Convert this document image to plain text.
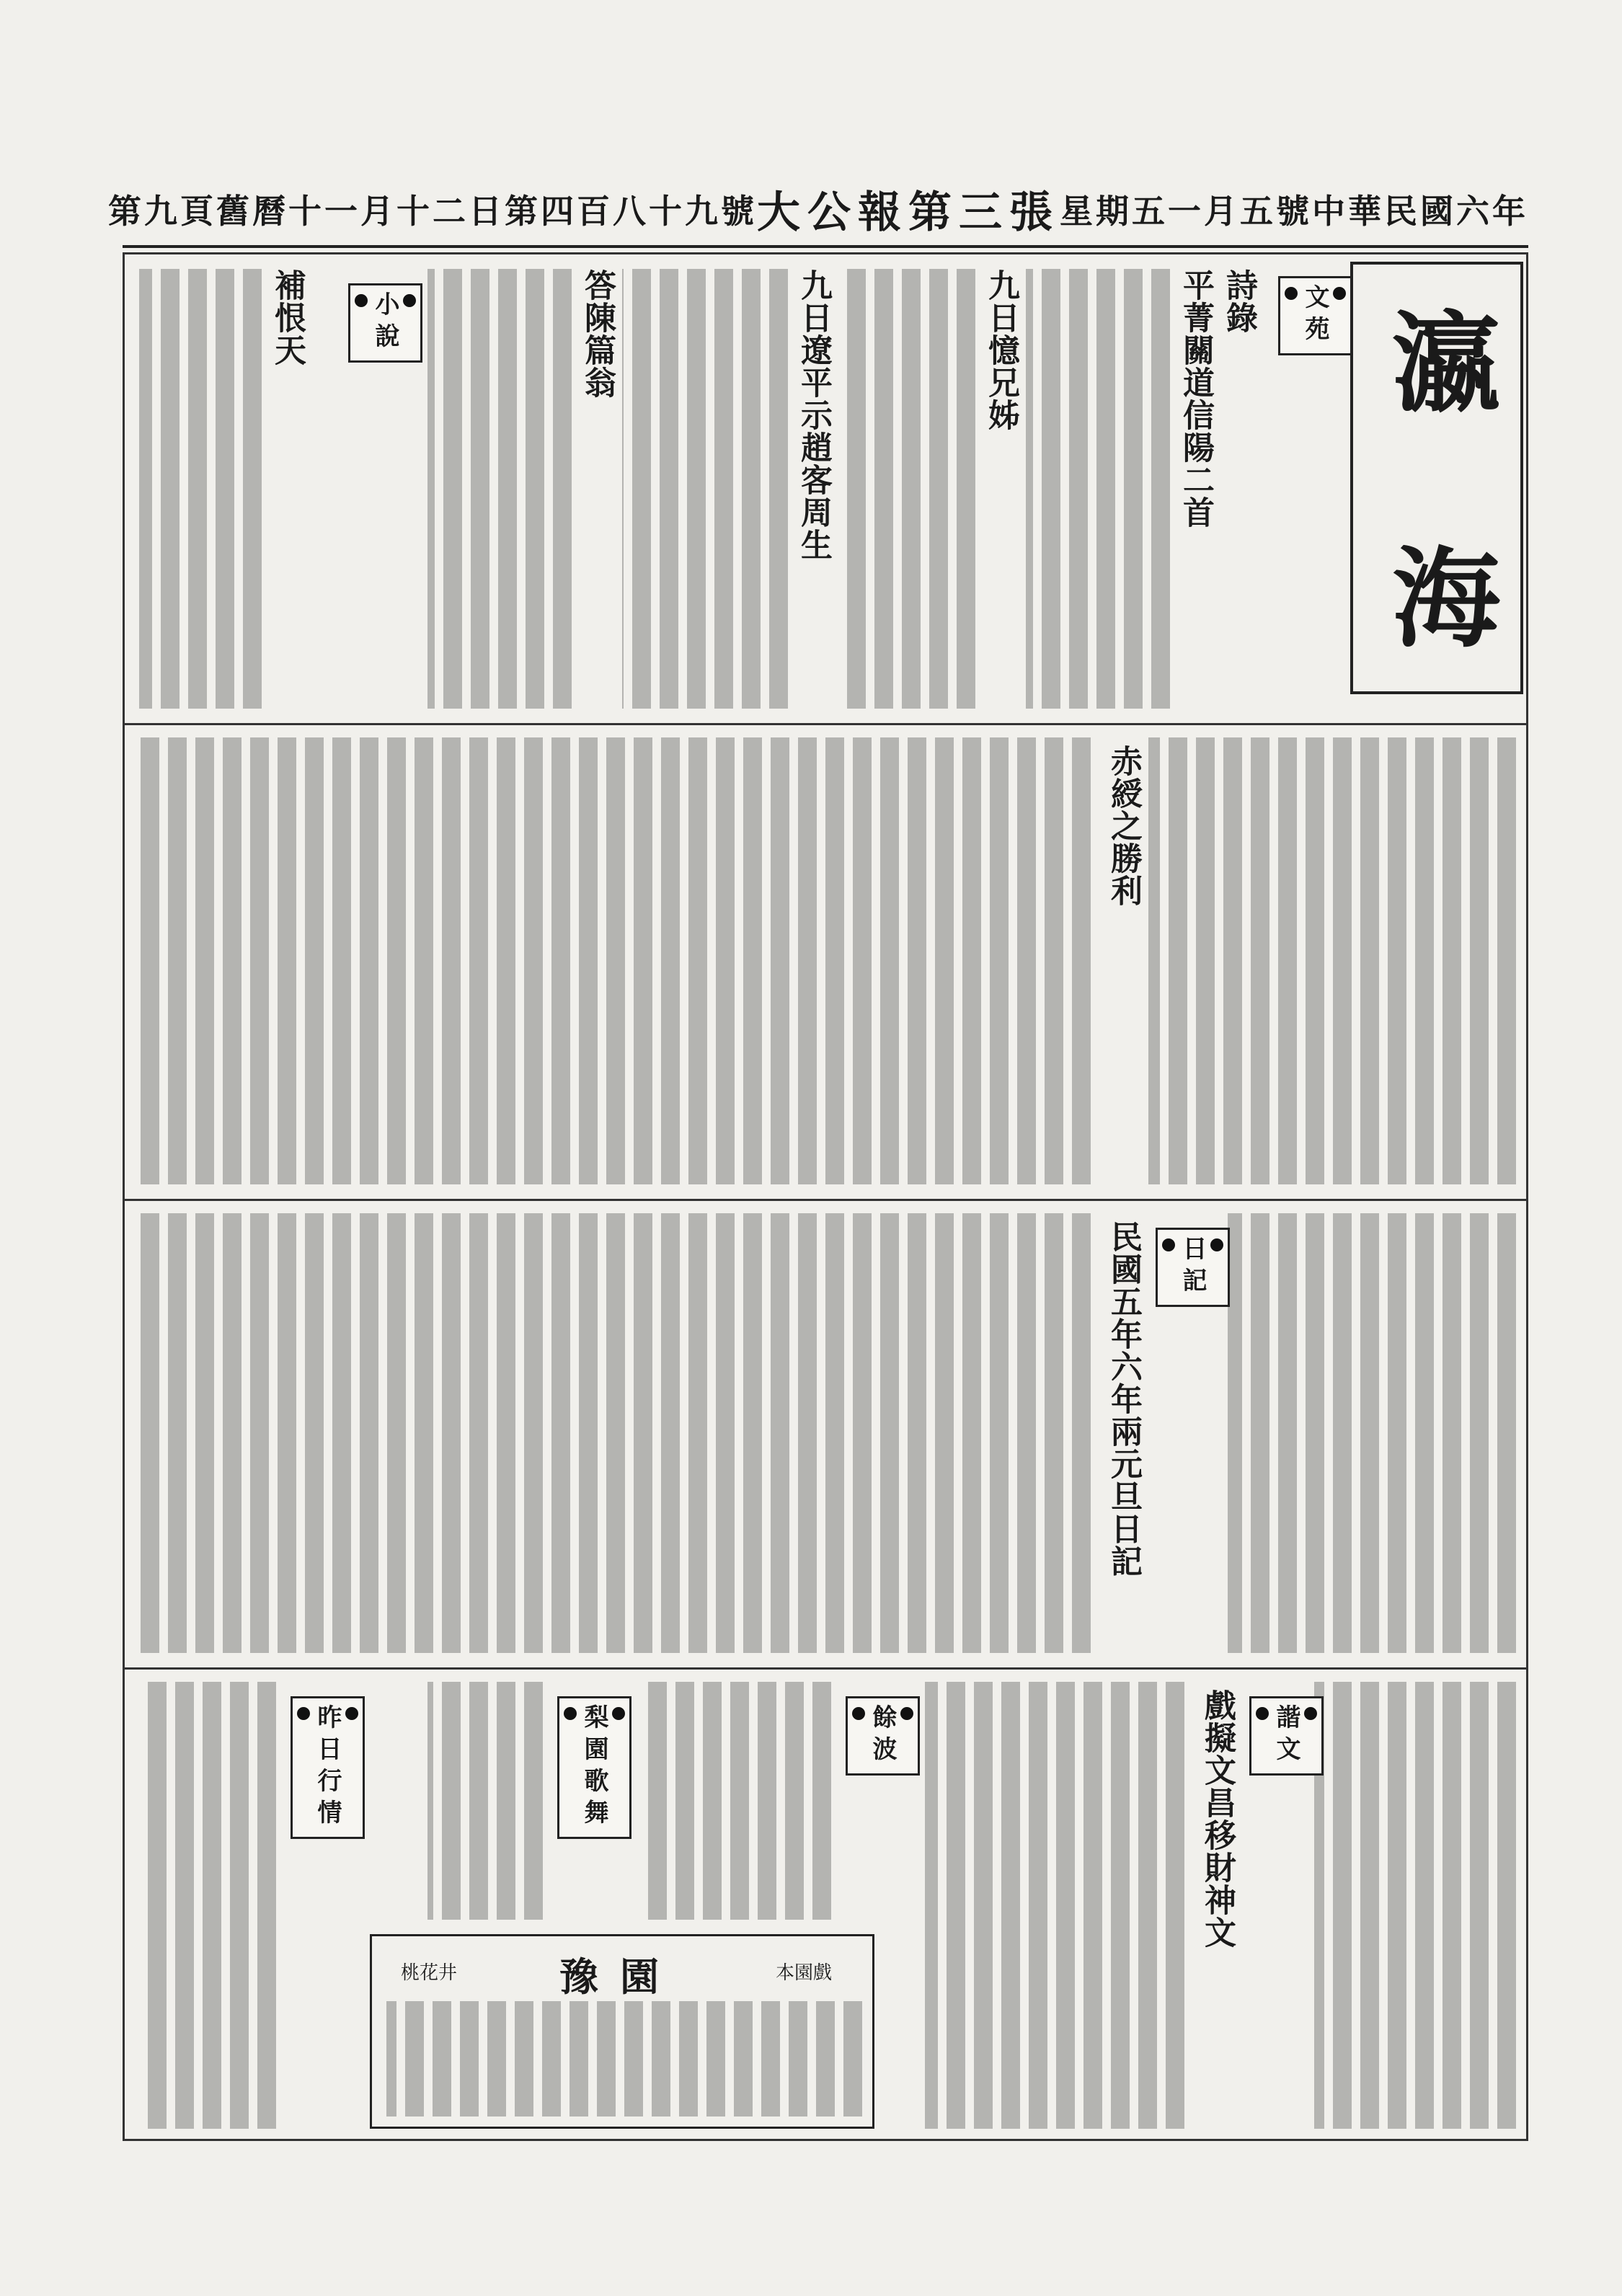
中華民國六年
一月五號
星期五
大公報第三張
第四百八十九號
舊曆十一月十二日
第九頁
瀛 海
文苑
詩錄
平菁關道信陽二首
九日憶兄姊
九日遼平示趙客周生
答陳篇翁
小說
補恨天
赤綬之勝利
日記
民國五年六年兩元旦日記
諧文
戲擬文昌移財神文
餘波
梨園歌舞
豫園
桃花井	本園戲
昨日行情
